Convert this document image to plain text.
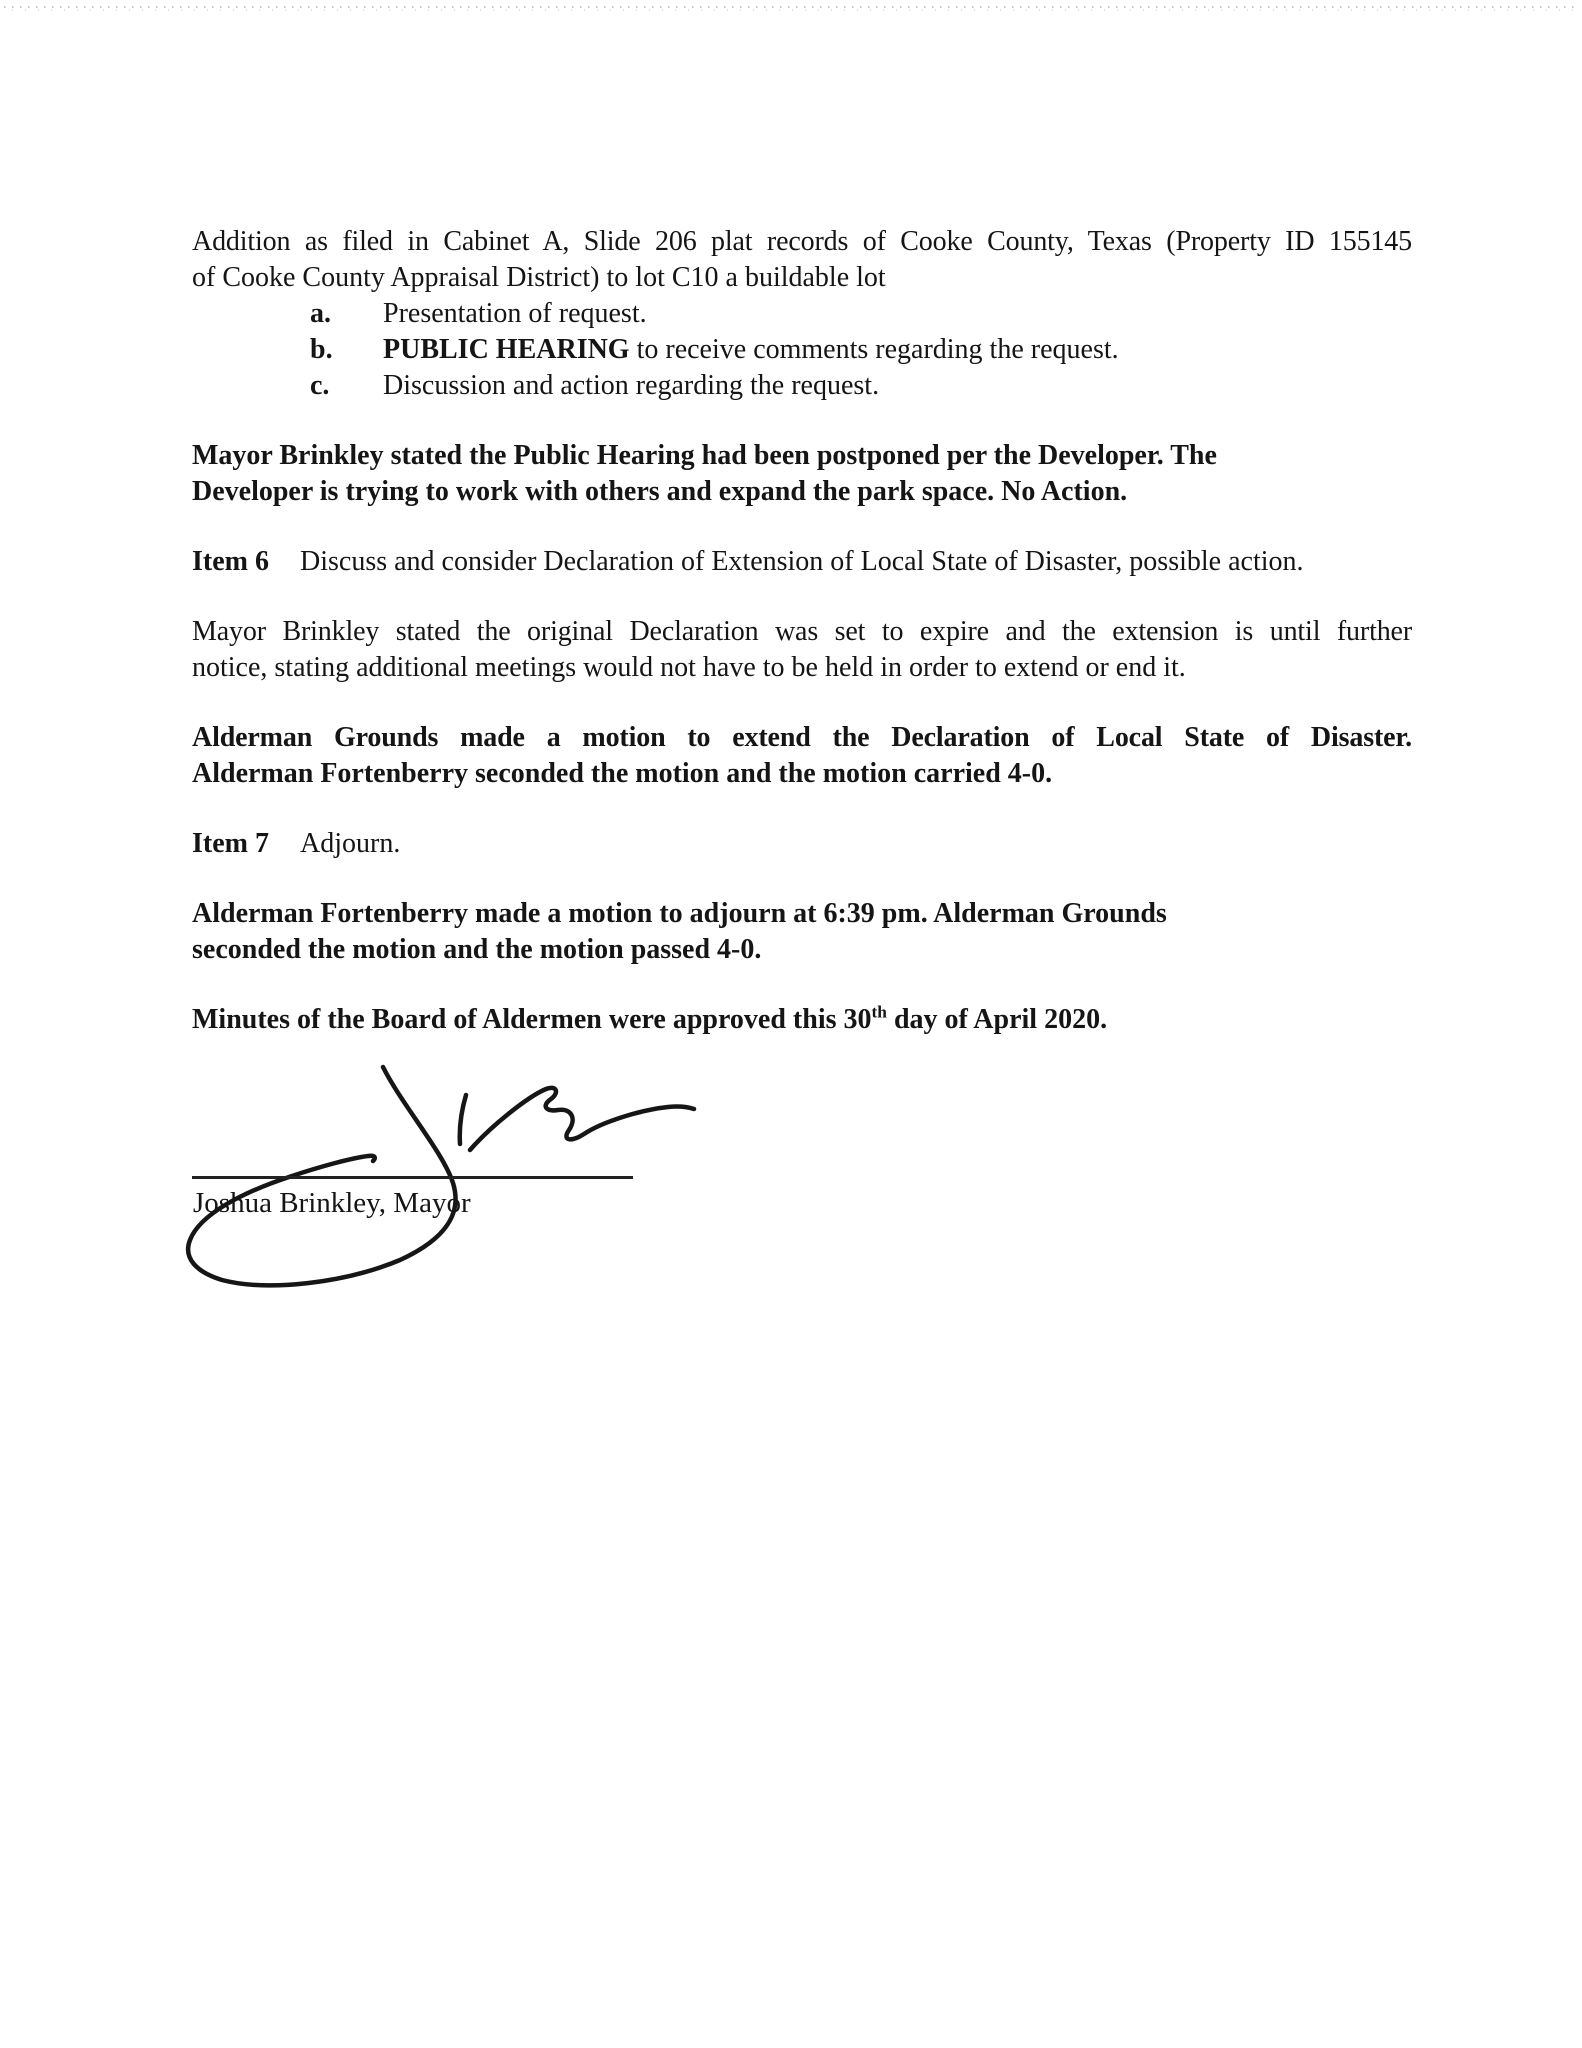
Addition as filed in Cabinet A, Slide 206 plat records of Cooke County, Texas (Property ID 155145
of Cooke County Appraisal District) to lot C10 a buildable lot
a. Presentation of request.
b. PUBLIC HEARING to receive comments regarding the request.
c. Discussion and action regarding the request.
Mayor Brinkley stated the Public Hearing had been postponed per the Developer. The
Developer is trying to work with others and expand the park space. No Action.
Item 6 Discuss and consider Declaration of Extension of Local State of Disaster, possible action.
Mayor Brinkley stated the original Declaration was set to expire and the extension is until further
notice, stating additional meetings would not have to be held in order to extend or end it.
Alderman Grounds made a motion to extend the Declaration of Local State of Disaster.
Alderman Fortenberry seconded the motion and the motion carried 4-0.
Item 7 Adjourn.
Alderman Fortenberry made a motion to adjourn at 6:39 pm. Alderman Grounds
seconded the motion and the motion passed 4-0.
Minutes of the Board of Aldermen were approved this 30th day of April 2020.
Joshua Brinkley, Mayor
